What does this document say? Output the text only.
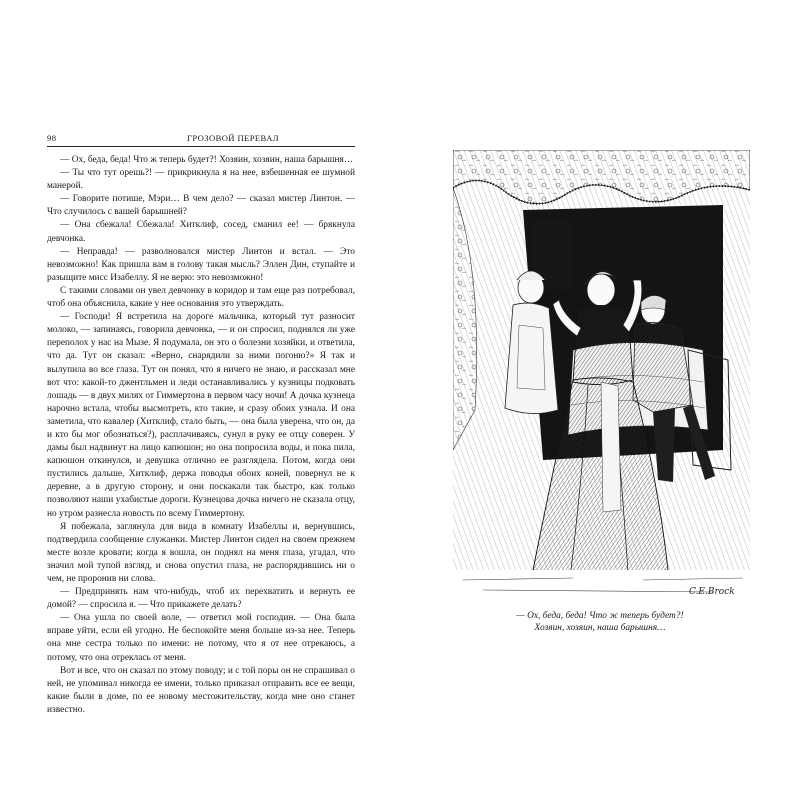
98	ГРОЗОВОЙ ПЕРЕВАЛ

— Ох, беда, беда! Что ж теперь будет?! Хозяин, хозяин, наша барышня…

— Ты что тут орешь?! — прикрикнула я на нее, взбешенная ее шумной манерой.

— Говорите потише, Мэри… В чем дело? — сказал мистер Линтон. — Что случилось с вашей барышней?

— Она сбежала! Сбежала! Хитклиф, сосед, сманил ее! — брякнула девчонка.

— Неправда! — разволновался мистер Линтон и встал. — Это невозможно! Как пришла вам в голову такая мысль? Эллен Дин, ступайте и разыщите мисс Изабеллу. Я не верю: это невозможно!

С такими словами он увел девчонку в коридор и там еще раз потребовал, чтоб она объяснила, какие у нее основания это утверждать.

— Господи! Я встретила на дороге мальчика, который тут разносит молоко, — запинаясь, говорила девчонка, — и он спросил, поднялся ли уже переполох у нас на Мызе. Я подумала, он это о болезни хозяйки, и ответила, что да. Тут он сказал: «Верно, снарядили за ними погоню?» Я так и вылупила во все глаза. Тут он понял, что я ничего не знаю, и рассказал мне вот что: какой-то джентльмен и леди останавливались у кузницы подковать лошадь — в двух милях от Гиммертона в первом часу ночи! А дочка кузнеца нарочно встала, чтобы высмотреть, кто такие, и сразу обоих узнала. И она заметила, что кавалер (Хитклиф, стало быть, — она была уверена, что он, да и кто бы мог обознаться?), расплачиваясь, сунул в руку ее отцу соверен. У дамы был надвинут на лицо капюшон; но она попросила воды, и пока пила, капюшон откинулся, и девушка отлично ее разглядела. Потом, когда они пустились дальше, Хитклиф, держа поводья обоих коней, повернул не к деревне, а в другую сторону, и они поскакали так быстро, как только позволяют наши ухабистые дороги. Кузнецова дочка ничего не сказала отцу, но утром разнесла новость по всему Гиммертону.

Я побежала, заглянула для вида в комнату Изабеллы и, вернувшись, подтвердила сообщение служанки. Мистер Линтон сидел на своем прежнем месте возле кровати; когда я вошла, он поднял на меня глаза, угадал, что значил мой тупой взгляд, и снова опустил глаза, не распорядившись ни о чем, не проронив ни слова.

— Предпринять нам что-нибудь, чтоб их перехватить и вернуть ее домой? — спросила я. — Что прикажете делать?

— Она ушла по своей воле, — ответил мой господин. — Она была вправе уйти, если ей угодно. Не беспокойте меня больше из-за нее. Теперь она мне сестра только по имени: не потому, что я от нее отрекаюсь, а потому, что она отреклась от меня.

Вот и все, что он сказал по этому поводу; и с той поры он не спрашивал о ней, не упоминал никогда ее имени, только приказал отправить все ее вещи, какие были в доме, по ее новому местожительству, когда мне оно станет известно.

C.E.Brock
— Ох, беда, беда! Что ж теперь будет?!
Хозяин, хозяин, наша барышня…
